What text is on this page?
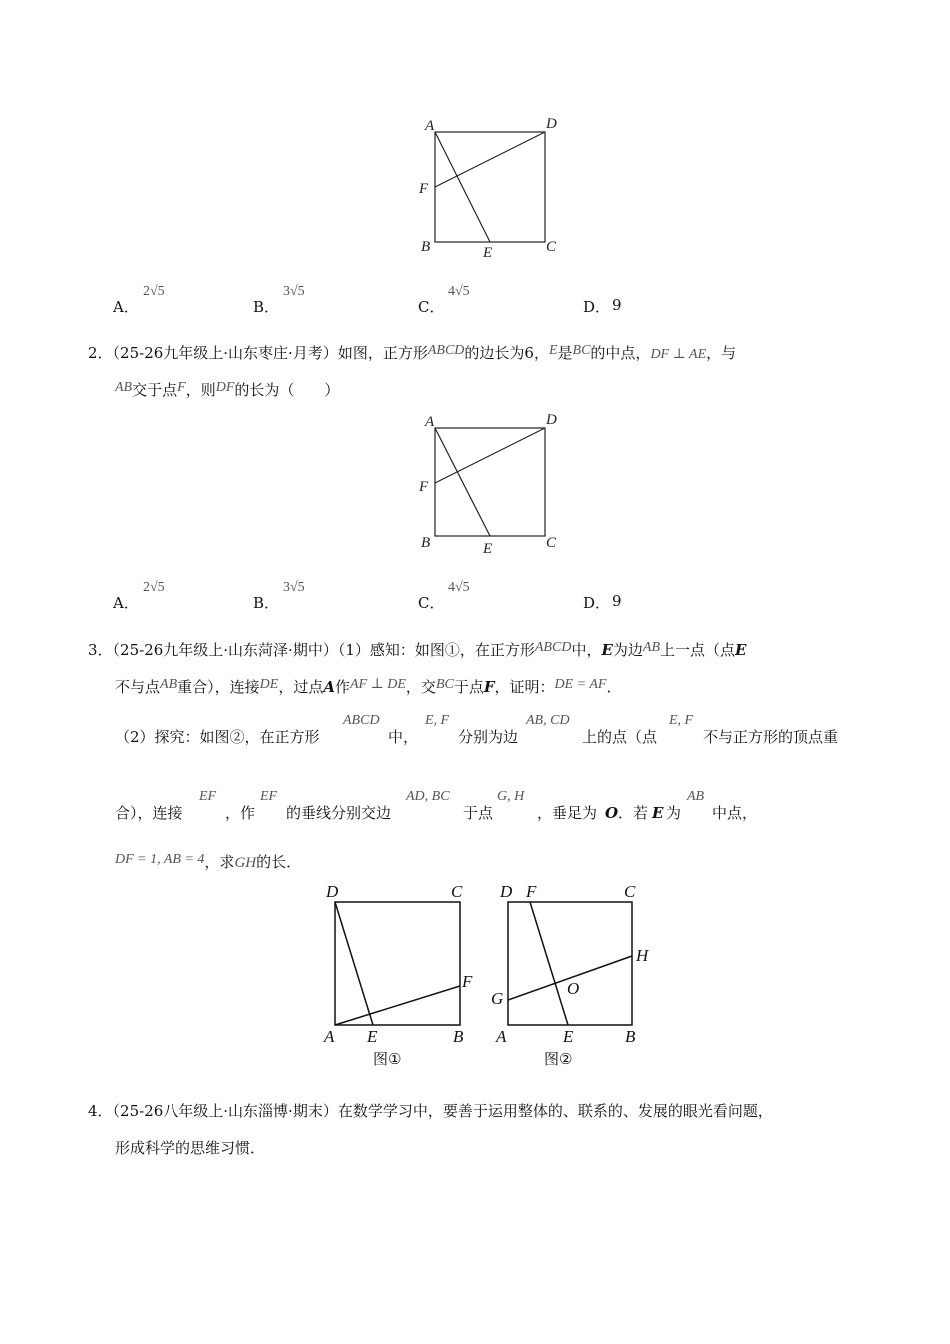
A	D
F
B	E	C
A．
2√5
B．
3√5
C．
4√5
D． 9
2．（25-26九年级上·山东枣庄·月考）如图，正方形ABCD的边长为6，E是BC的中点，DF ⊥ AE，与
AB交于点F，则DF的长为（　　）
A	D
F
B	E	C
A．
2√5
B．
3√5
C．
4√5
D． 9
3．（25-26九年级上·山东菏泽·期中）（1）感知：如图①，在正方形ABCD中，E为边AB上一点（点E
不与点AB重合），连接DE，过点A作AF ⊥ DE，交BC于点F，证明：DE = AF．
（2）探究：如图②，在正方形
ABCD
中，
E, F
分别为边
AB, CD
上的点（点
E, F
不与正方形的顶点重
合），连接
EF
，作
EF
的垂线分别交边
AD, BC
于点
G, H
，垂足为 O ．若 E 为
AB
中点，
DF = 1, AB = 4，求GH的长．
D	C
F
A E	B
图①
D F	C
H
G
O
A	E	B
图②
4．（25-26八年级上·山东淄博·期末）在数学学习中，要善于运用整体的、联系的、发展的眼光看问题，
形成科学的思维习惯．
